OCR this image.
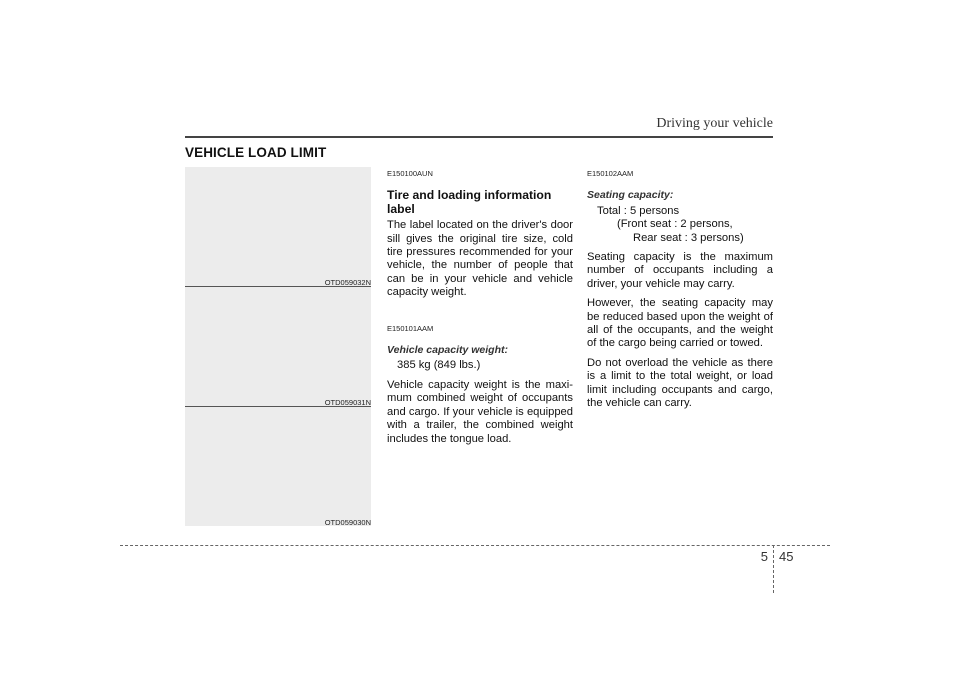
Driving your vehicle
VEHICLE LOAD LIMIT
OTD059032N
OTD059031N
OTD059030N
E150100AUN
Tire and loading information label

The label located on the driver's door sill gives the original tire size, cold tire pressures recommended for your vehicle, the number of people that can be in your vehicle and vehicle capacity weight.

E150101AAM
Vehicle capacity weight:
385 kg (849 lbs.)

Vehicle capacity weight is the maxi-mum combined weight of occupants and cargo. If your vehicle is equipped with a trailer, the combined weight includes the tongue load.

E150102AAM
Seating capacity:
Total : 5 persons
(Front seat : 2 persons,
Rear seat : 3 persons)

Seating capacity is the maximum number of occupants including a driver, your vehicle may carry.

However, the seating capacity may be reduced based upon the weight of all of the occupants, and the weight of the cargo being carried or towed.

Do not overload the vehicle as there is a limit to the total weight, or load limit including occupants and cargo, the vehicle can carry.

5 45
